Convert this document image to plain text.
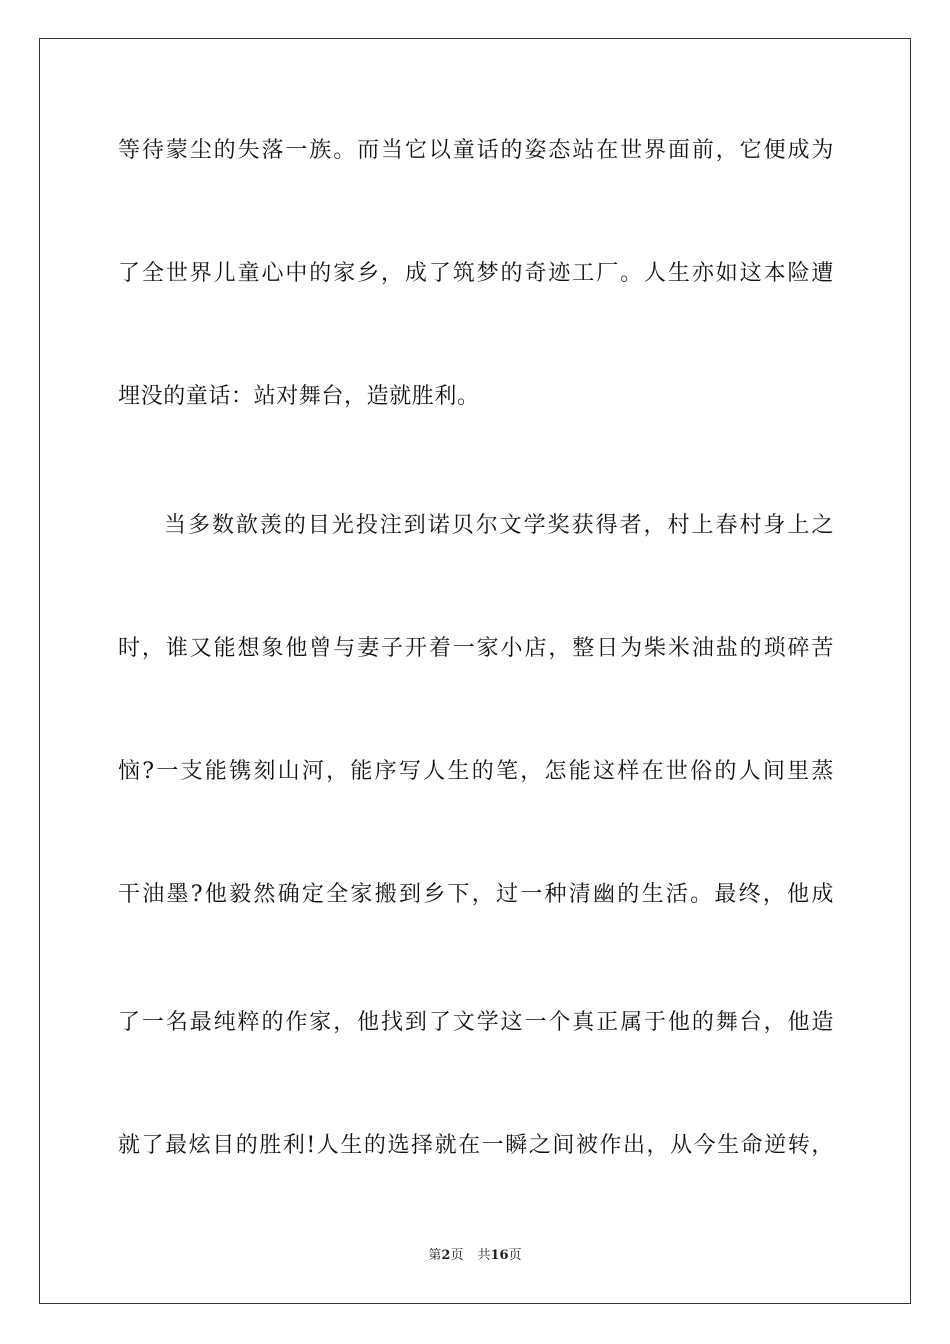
等待蒙尘的失落一族。而当它以童话的姿态站在世界面前，它便成为
了全世界儿童心中的家乡，成了筑梦的奇迹工厂。人生亦如这本险遭
埋没的童话：站对舞台，造就胜利。
当多数歆羡的目光投注到诺贝尔文学奖获得者，村上春村身上之
时，谁又能想象他曾与妻子开着一家小店，整日为柴米油盐的琐碎苦
恼?一支能镌刻山河，能序写人生的笔，怎能这样在世俗的人间里蒸
干油墨?他毅然确定全家搬到乡下，过一种清幽的生活。最终，他成
了一名最纯粹的作家，他找到了文学这一个真正属于他的舞台，他造
就了最炫目的胜利!人生的选择就在一瞬之间被作出，从今生命逆转，
第2页 共16页
